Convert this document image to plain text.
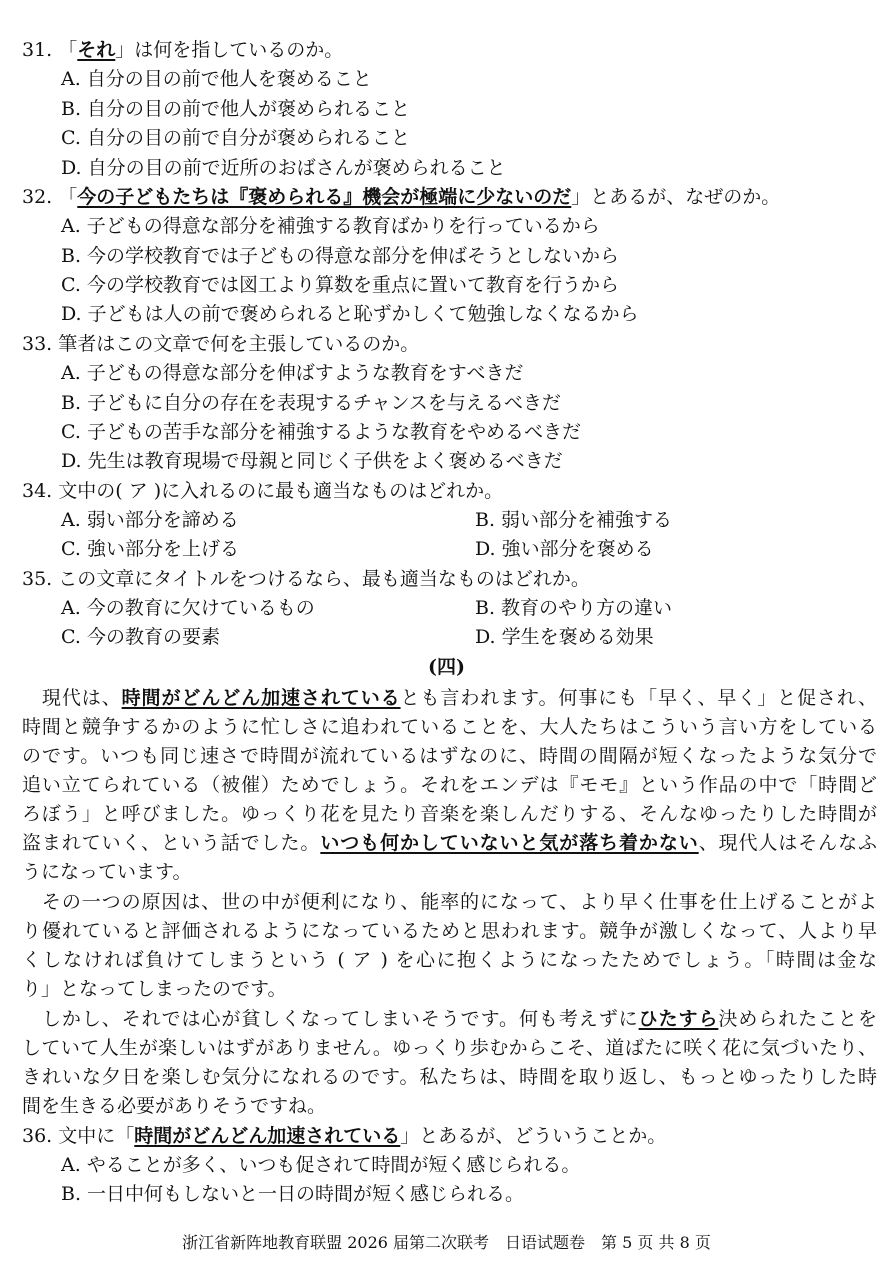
31. 「それ」は何を指しているのか。

A. 自分の目の前で他人を褒めること

B. 自分の目の前で他人が褒められること

C. 自分の目の前で自分が褒められること

D. 自分の目の前で近所のおばさんが褒められること

32. 「今の子どもたちは『褒められる』機会が極端に少ないのだ」とあるが、なぜのか。

A. 子どもの得意な部分を補強する教育ばかりを行っているから

B. 今の学校教育では子どもの得意な部分を伸ばそうとしないから

C. 今の学校教育では図工より算数を重点に置いて教育を行うから

D. 子どもは人の前で褒められると恥ずかしくて勉強しなくなるから

33. 筆者はこの文章で何を主張しているのか。

A. 子どもの得意な部分を伸ばすような教育をすべきだ

B. 子どもに自分の存在を表現するチャンスを与えるべきだ

C. 子どもの苦手な部分を補強するような教育をやめるべきだ

D. 先生は教育現場で母親と同じく子供をよく褒めるべきだ

34. 文中の( ア )に入れるのに最も適当なものはどれか。

A. 弱い部分を諦める	B. 弱い部分を補強する

C. 強い部分を上げる	D. 強い部分を褒める

35. この文章にタイトルをつけるなら、最も適当なものはどれか。

A. 今の教育に欠けているもの	B. 教育のやり方の違い

C. 今の教育の要素	D. 学生を褒める効果

(四)

　現代は、時間がどんどん加速されているとも言われます。何事にも「早く、早く」と促され、

時間と競争するかのように忙しさに追われていることを、大人たちはこういう言い方をしている

のです。いつも同じ速さで時間が流れているはずなのに、時間の間隔が短くなったような気分で

追い立てられている（被催）ためでしょう。それをエンデは『モモ』という作品の中で「時間ど

ろぼう」と呼びました。ゆっくり花を見たり音楽を楽しんだりする、そんなゆったりした時間が

盗まれていく、という話でした。いつも何かしていないと気が落ち着かない、現代人はそんなふ

うになっています。

　その一つの原因は、世の中が便利になり、能率的になって、より早く仕事を仕上げることがよ

り優れていると評価されるようになっているためと思われます。競争が激しくなって、人より早

くしなければ負けてしまうという ( ア ) を心に抱くようになったためでしょう。「時間は金な

り」となってしまったのです。

　しかし、それでは心が貧しくなってしまいそうです。何も考えずにひたすら決められたことを

していて人生が楽しいはずがありません。ゆっくり歩むからこそ、道ばたに咲く花に気づいたり、

きれいな夕日を楽しむ気分になれるのです。私たちは、時間を取り返し、もっとゆったりした時

間を生きる必要がありそうですね。

36. 文中に「時間がどんどん加速されている」とあるが、どういうことか。

A. やることが多く、いつも促されて時間が短く感じられる。

B. 一日中何もしないと一日の時間が短く感じられる。

浙江省新阵地教育联盟 2026 届第二次联考　日语试题卷　第 5 页 共 8 页
